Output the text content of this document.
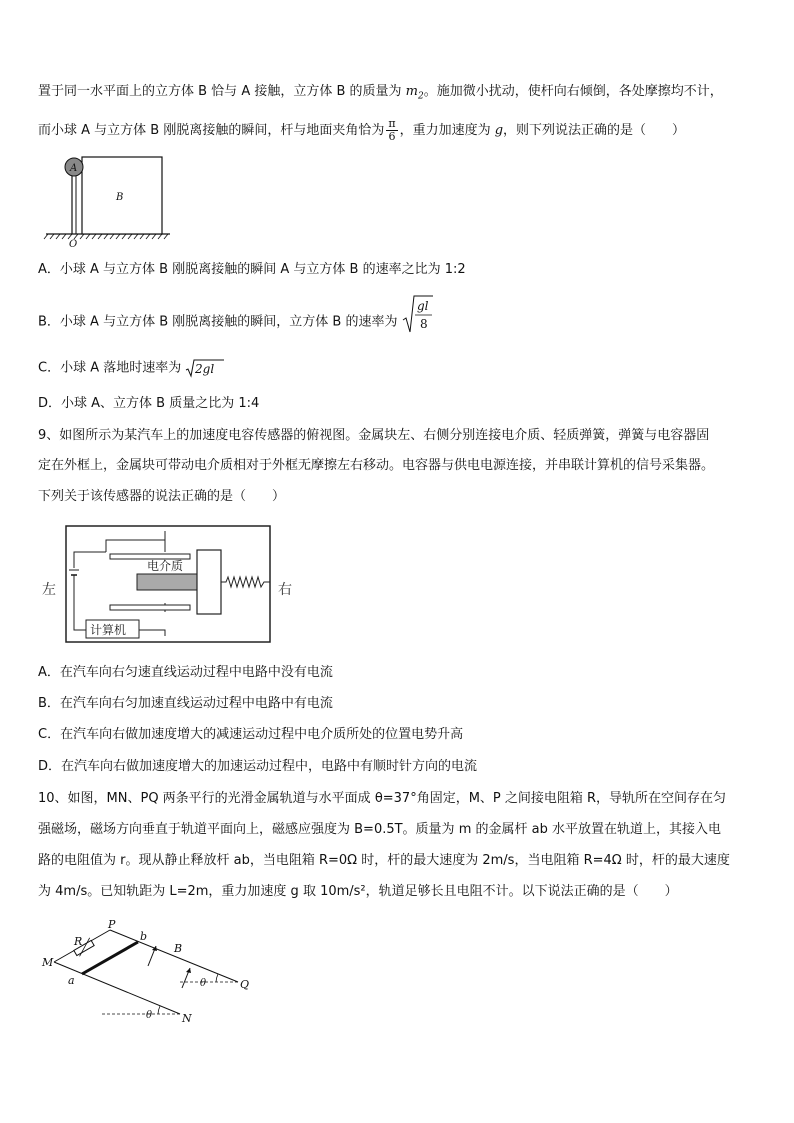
置于同一水平面上的立方体 B 恰与 A 接触，立方体 B 的质量为 $m_2$。施加微小扰动，使杆向右倾倒，各处摩擦均不计，
而小球 A 与立方体 B 刚脱离接触的瞬间，杆与地面夹角恰为 $\frac{\pi}{6}$ ，重力加速度为 g，则下列说法正确的是（　　）
A
B
O
A．小球 A 与立方体 B 刚脱离接触的瞬间 A 与立方体 B 的速率之比为 1:2
B．小球 A 与立方体 B 刚脱离接触的瞬间，立方体 B 的速率为
gl
8
C．小球 A 落地时速率为 2gl
D．小球 A、立方体 B 质量之比为 1:4
9、如图所示为某汽车上的加速度电容传感器的俯视图。金属块左、右侧分别连接电介质、轻质弹簧，弹簧与电容器固
定在外框上，金属块可带动电介质相对于外框无摩擦左右移动。电容器与供电电源连接，并串联计算机的信号采集器。
下列关于该传感器的说法正确的是（　　）
电介质
计算机
左	右
A．在汽车向右匀速直线运动过程中电路中没有电流
B．在汽车向右匀加速直线运动过程中电路中有电流
C．在汽车向右做加速度增大的减速运动过程中电介质所处的位置电势升高
D．在汽车向右做加速度增大的加速运动过程中，电路中有顺时针方向的电流
10、如图，MN、PQ 两条平行的光滑金属轨道与水平面成 θ=37°角固定，M、P 之间接电阻箱 R，导轨所在空间存在匀
强磁场，磁场方向垂直于轨道平面向上，磁感应强度为 B=0.5T。质量为 m 的金属杆 ab 水平放置在轨道上，其接入电
路的电阻值为 r。现从静止释放杆 ab，当电阻箱 R=0Ω 时，杆的最大速度为 2m/s，当电阻箱 R=4Ω 时，杆的最大速度
为 4m/s。已知轨距为 L=2m，重力加速度 g 取 10m/s²，轨道足够长且电阻不计。以下说法正确的是（　　）
P
b
B
R
M
a	Q
N
θ
θ
